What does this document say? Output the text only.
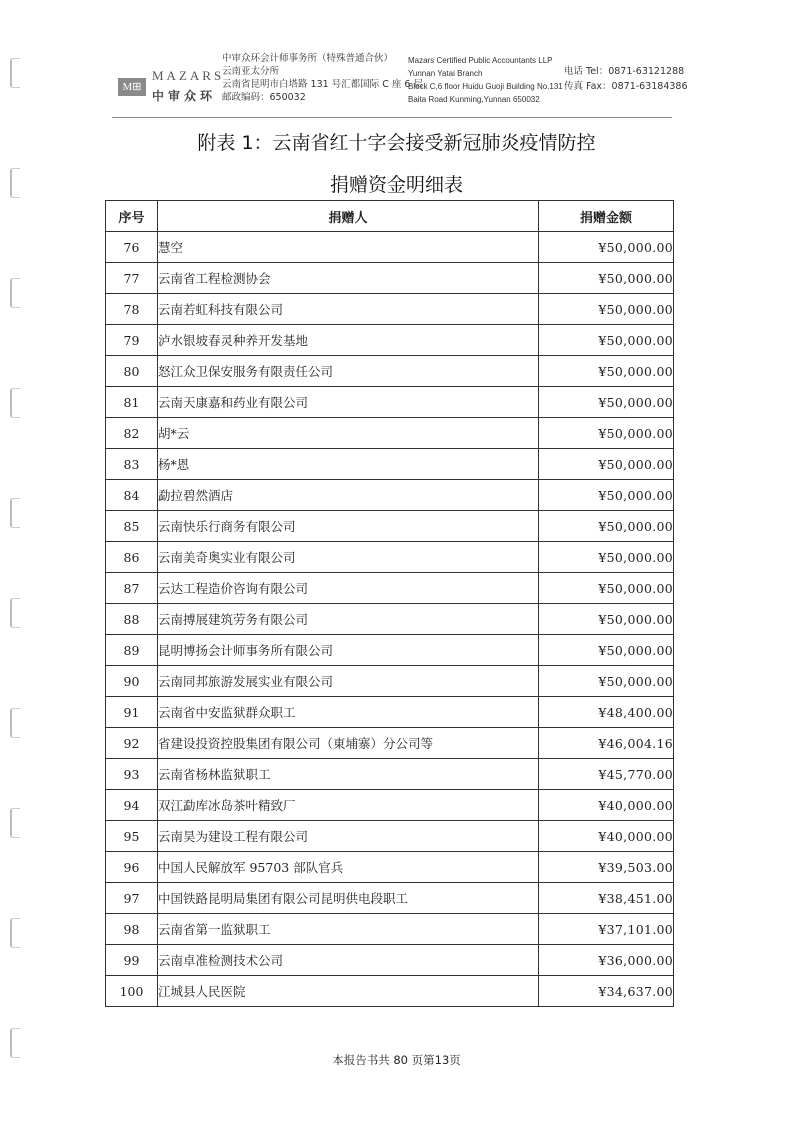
M⊞
MAZARS
中审众环
中审众环会计师事务所（特殊普通合伙）
云南亚太分所
云南省昆明市白塔路 131 号汇都国际 C 座 6 层
邮政编码：650032
Mazars Certified Public Accountants LLP
Yunnan Yatai Branch
Block C,6 floor Huidu Guoji Building No.131
Baita Road Kunming,Yunnan 650032
电话 Tel：0871-63121288
传真 Fax：0871-63184386
附表 1：云南省红十字会接受新冠肺炎疫情防控
捐赠资金明细表
序号	捐赠人	捐赠金额
76	慧空	¥50,000.00
77	云南省工程检测协会	¥50,000.00
78	云南若虹科技有限公司	¥50,000.00
79	泸水银坡春灵种养开发基地	¥50,000.00
80	怒江众卫保安服务有限责任公司	¥50,000.00
81	云南天康嘉和药业有限公司	¥50,000.00
82	胡*云	¥50,000.00
83	杨*恩	¥50,000.00
84	勐拉碧然酒店	¥50,000.00
85	云南快乐行商务有限公司	¥50,000.00
86	云南美奇奥实业有限公司	¥50,000.00
87	云达工程造价咨询有限公司	¥50,000.00
88	云南搏展建筑劳务有限公司	¥50,000.00
89	昆明博扬会计师事务所有限公司	¥50,000.00
90	云南同邦旅游发展实业有限公司	¥50,000.00
91	云南省中安监狱群众职工	¥48,400.00
92	省建设投资控股集团有限公司（東埔寨）分公司等	¥46,004.16
93	云南省杨林监狱职工	¥45,770.00
94	双江勐库冰岛茶叶精致厂	¥40,000.00
95	云南昊为建设工程有限公司	¥40,000.00
96	中国人民解放军 95703 部队官兵	¥39,503.00
97	中国铁路昆明局集团有限公司昆明供电段职工	¥38,451.00
98	云南省第一监狱职工	¥37,101.00
99	云南卓准检测技术公司	¥36,000.00
100	江城县人民医院	¥34,637.00
本报告书共 80 页第13页
